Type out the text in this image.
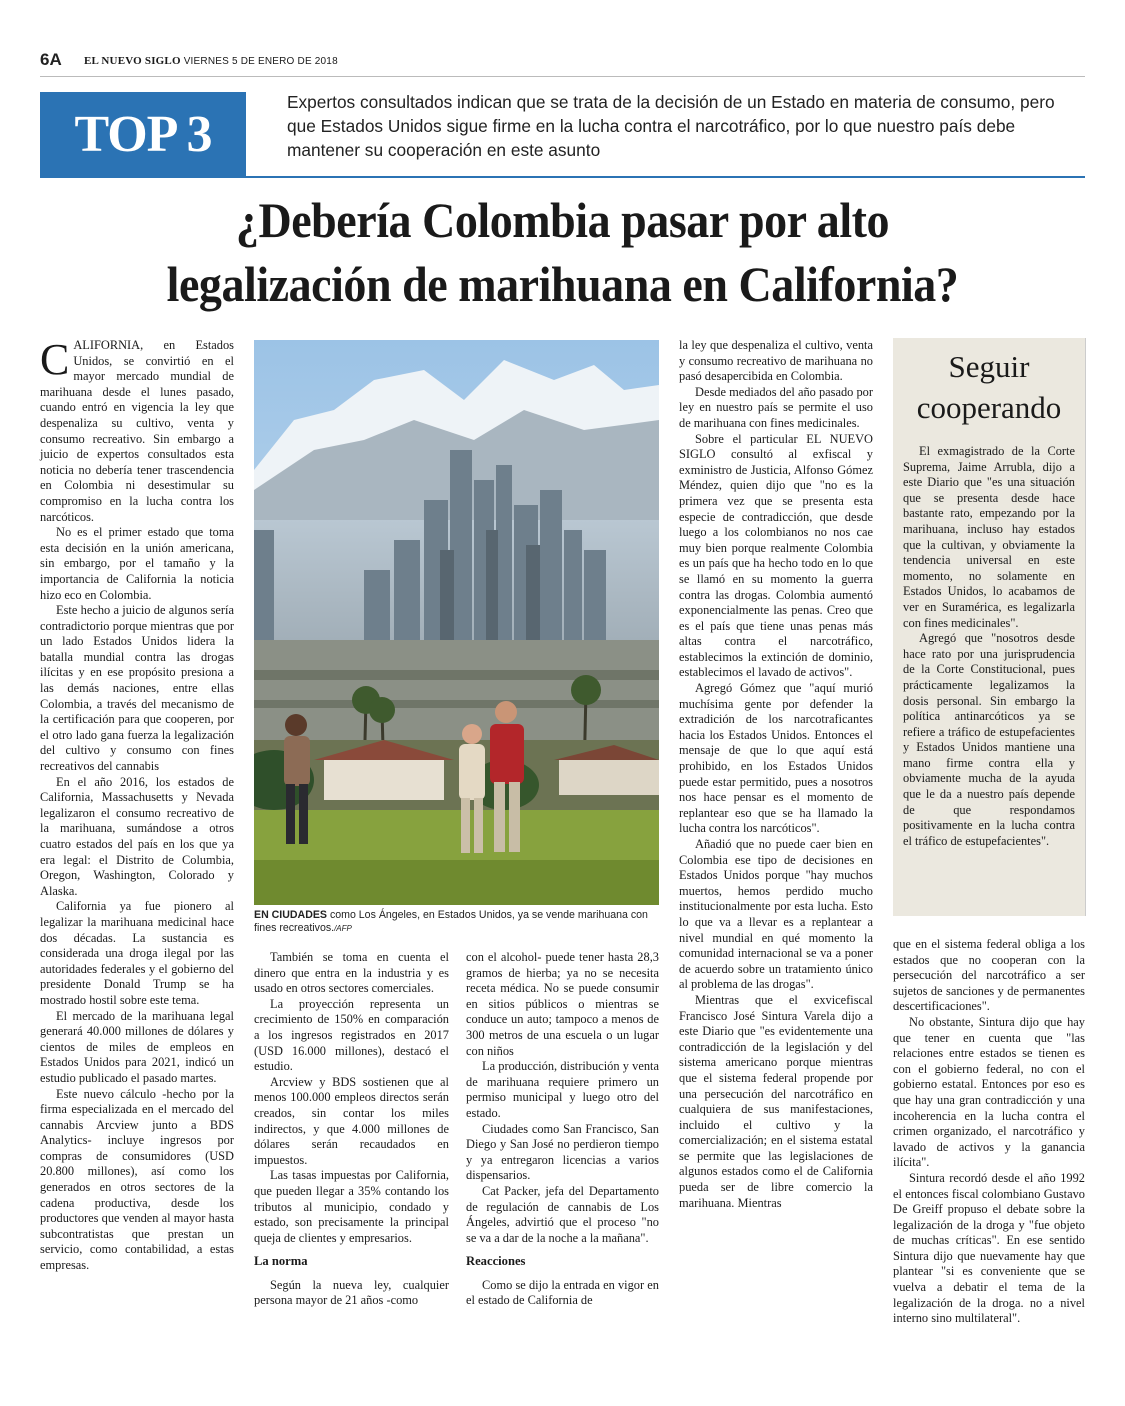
6A EL NUEVO SIGLO VIERNES 5 DE ENERO DE 2018
TOP 3
Expertos consultados indican que se trata de la decisión de un Estado en materia de consumo, pero que Estados Unidos sigue firme en la lucha contra el narcotráfico, por lo que nuestro país debe mantener su cooperación en este asunto
¿Debería Colombia pasar por alto
legalización de marihuana en California?

CALIFORNIA, en Estados Unidos, se convirtió en el mayor mercado mundial de marihuana desde el lunes pasado, cuando entró en vigencia la ley que despenaliza su cultivo, venta y consumo recreativo. Sin embargo a juicio de expertos consultados esta noticia no debería tener trascendencia en Colombia ni desestimular su compromiso en la lucha contra los narcóticos.

No es el primer estado que toma esta decisión en la unión americana, sin embargo, por el tamaño y la importancia de California la noticia hizo eco en Colombia.

Este hecho a juicio de algunos sería contradictorio porque mientras que por un lado Estados Unidos lidera la batalla mundial contra las drogas ilícitas y en ese propósito presiona a las demás naciones, entre ellas Colombia, a través del mecanismo de la certificación para que cooperen, por el otro lado gana fuerza la legalización del cultivo y consumo con fines recreativos del cannabis

En el año 2016, los estados de California, Massachusetts y Nevada legalizaron el consumo recreativo de la marihuana, sumándose a otros cuatro estados del país en los que ya era legal: el Distrito de Columbia, Oregon, Washington, Colorado y Alaska.

California ya fue pionero al legalizar la marihuana medicinal hace dos décadas. La sustancia es considerada una droga ilegal por las autoridades federales y el gobierno del presidente Donald Trump se ha mostrado hostil sobre este tema.

El mercado de la marihuana legal generará 40.000 millones de dólares y cientos de miles de empleos en Estados Unidos para 2021, indicó un estudio publicado el pasado martes.

Este nuevo cálculo -hecho por la firma especializada en el mercado del cannabis Arcview junto a BDS Analytics- incluye ingresos por compras de consumidores (USD 20.800 millones), así como los generados en otros sectores de la cadena productiva, desde los productores que venden al mayor hasta subcontratistas que prestan un servicio, como contabilidad, a estas empresas.

EN CIUDADES como Los Ángeles, en Estados Unidos, ya se vende marihuana con fines recreativos./AFP

También se toma en cuenta el dinero que entra en la industria y es usado en otros sectores comerciales.

La proyección representa un crecimiento de 150% en comparación a los ingresos registrados en 2017 (USD 16.000 millones), destacó el estudio.

Arcview y BDS sostienen que al menos 100.000 empleos directos serán creados, sin contar los miles indirectos, y que 4.000 millones de dólares serán recaudados en impuestos.

Las tasas impuestas por California, que pueden llegar a 35% contando los tributos al municipio, condado y estado, son precisamente la principal queja de clientes y empresarios.

La norma

Según la nueva ley, cualquier persona mayor de 21 años -como

con el alcohol- puede tener hasta 28,3 gramos de hierba; ya no se necesita receta médica. No se puede consumir en sitios públicos o mientras se conduce un auto; tampoco a menos de 300 metros de una escuela o un lugar con niños

La producción, distribución y venta de marihuana requiere primero un permiso municipal y luego otro del estado.

Ciudades como San Francisco, San Diego y San José no perdieron tiempo y ya entregaron licencias a varios dispensarios.

Cat Packer, jefa del Departamento de regulación de cannabis de Los Ángeles, advirtió que el proceso "no se va a dar de la noche a la mañana".

Reacciones

Como se dijo la entrada en vigor en el estado de California de

la ley que despenaliza el cultivo, venta y consumo recreativo de marihuana no pasó desapercibida en Colombia.

Desde mediados del año pasado por ley en nuestro país se permite el uso de marihuana con fines medicinales.

Sobre el particular EL NUEVO SIGLO consultó al exfiscal y exministro de Justicia, Alfonso Gómez Méndez, quien dijo que "no es la primera vez que se presenta esta especie de contradicción, que desde luego a los colombianos no nos cae muy bien porque realmente Colombia es un país que ha hecho todo en lo que se llamó en su momento la guerra contra las drogas. Colombia aumentó exponencialmente las penas. Creo que es el país que tiene unas penas más altas contra el narcotráfico, establecimos la extinción de dominio, establecimos el lavado de activos".

Agregó Gómez que "aquí murió muchísima gente por defender la extradición de los narcotraficantes hacia los Estados Unidos. Entonces el mensaje de que lo que aquí está prohibido, en los Estados Unidos puede estar permitido, pues a nosotros nos hace pensar es el momento de replantear eso que se ha llamado la lucha contra los narcóticos".

Añadió que no puede caer bien en Colombia ese tipo de decisiones en Estados Unidos porque "hay muchos muertos, hemos perdido mucho institucionalmente por esta lucha. Esto lo que va a llevar es a replantear a nivel mundial en qué momento la comunidad internacional se va a poner de acuerdo sobre un tratamiento único al problema de las drogas".

Mientras que el exvicefiscal Francisco José Sintura Varela dijo a este Diario que "es evidentemente una contradicción de la legislación y del sistema americano porque mientras que el sistema federal propende por una persecución del narcotráfico en cualquiera de sus manifestaciones, incluido el cultivo y la comercialización; en el sistema estatal se permite que las legislaciones de algunos estados como el de California pueda ser de libre comercio la marihuana. Mientras

Seguir
cooperando

El exmagistrado de la Corte Suprema, Jaime Arrubla, dijo a este Diario que "es una situación que se presenta desde hace bastante rato, empezando por la marihuana, incluso hay estados que la cultivan, y obviamente la tendencia universal en este momento, no solamente en Estados Unidos, lo acabamos de ver en Suramérica, es legalizarla con fines medicinales".

Agregó que "nosotros desde hace rato por una jurisprudencia de la Corte Constitucional, pues prácticamente legalizamos la dosis personal. Sin embargo la política antinarcóticos ya se refiere a tráfico de estupefacientes y Estados Unidos mantiene una mano firme contra ella y obviamente mucha de la ayuda que le da a nuestro país depende de que respondamos positivamente en la lucha contra el tráfico de estupefacientes".

que en el sistema federal obliga a los estados que no cooperan con la persecución del narcotráfico a ser sujetos de sanciones y de permanentes descertificaciones".

No obstante, Sintura dijo que hay que tener en cuenta que "las relaciones entre estados se tienen es con el gobierno federal, no con el gobierno estatal. Entonces por eso es que hay una gran contradicción y una incoherencia en la lucha contra el crimen organizado, el narcotráfico y lavado de activos y la ganancia ilícita".

Sintura recordó desde el año 1992 el entonces fiscal colombiano Gustavo De Greiff propuso el debate sobre la legalización de la droga y "fue objeto de muchas críticas". En ese sentido Sintura dijo que nuevamente hay que plantear "si es conveniente que se vuelva a debatir el tema de la legalización de la droga. no a nivel interno sino multilateral".
